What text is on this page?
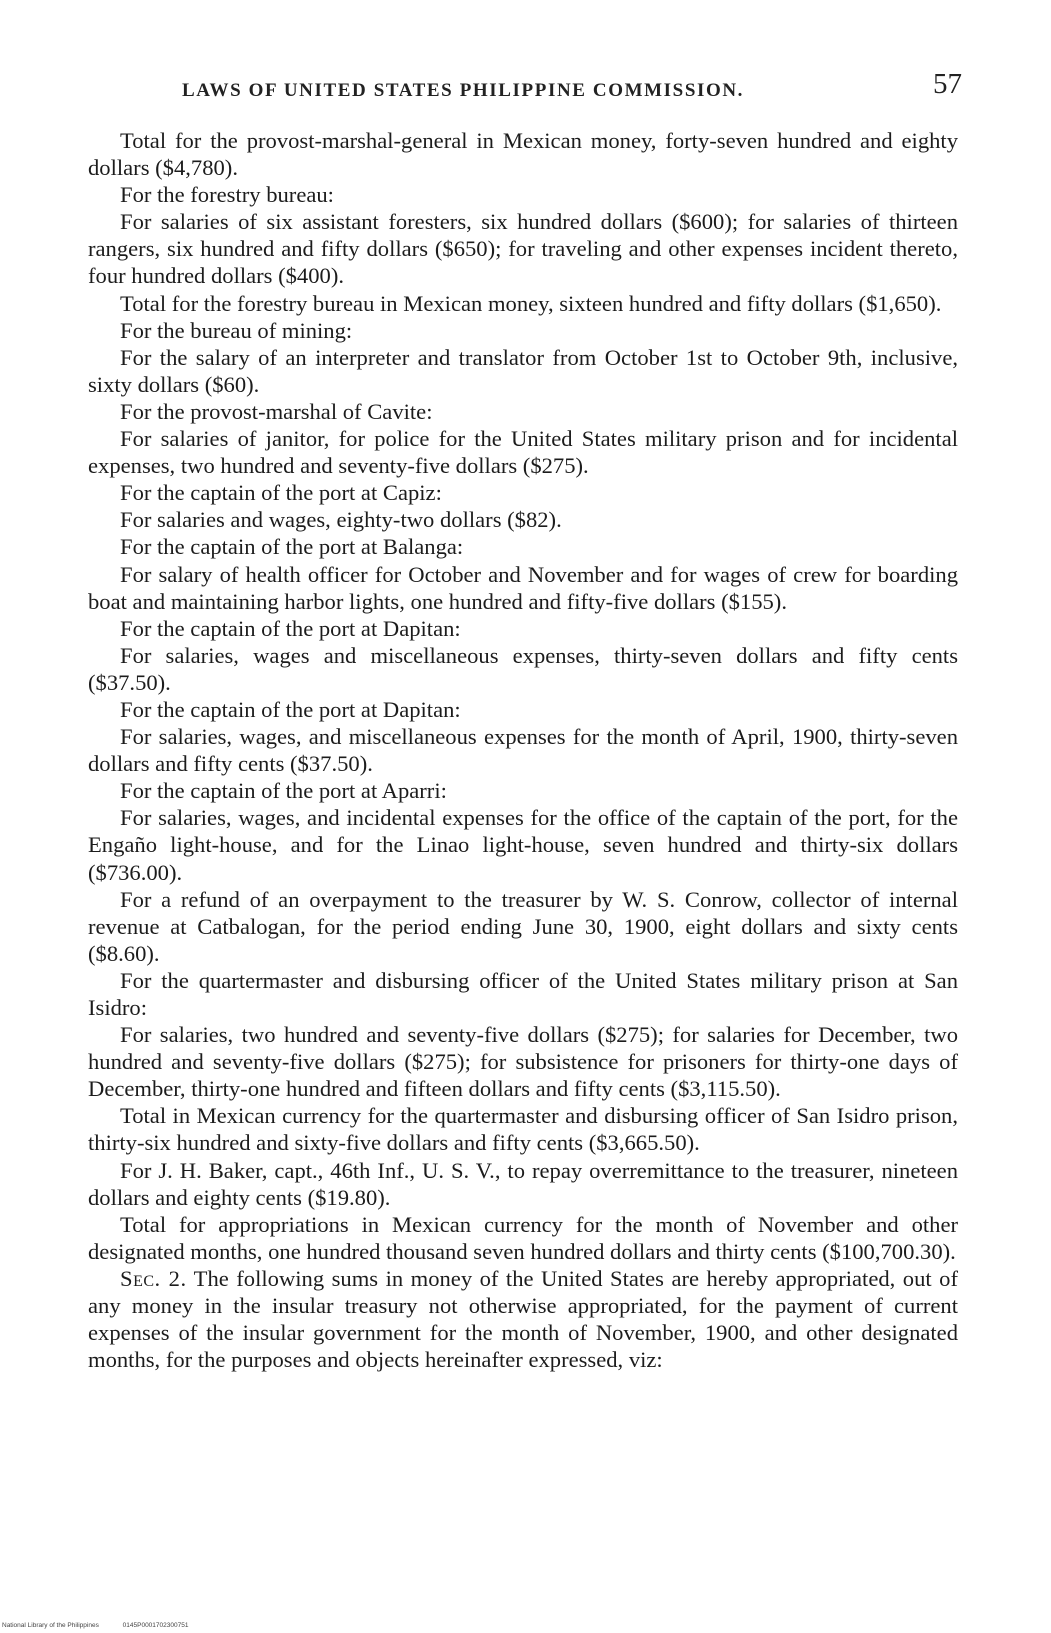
LAWS OF UNITED STATES PHILIPPINE COMMISSION.	57

Total for the provost-marshal-general in Mexican money, forty-seven hundred and eighty dollars ($4,780).

For the forestry bureau:

For salaries of six assistant foresters, six hundred dollars ($600); for salaries of thirteen rangers, six hundred and fifty dollars ($650); for traveling and other expenses incident thereto, four hundred dollars ($400).

Total for the forestry bureau in Mexican money, sixteen hundred and fifty dollars ($1,650).

For the bureau of mining:

For the salary of an interpreter and translator from October 1st to October 9th, inclusive, sixty dollars ($60).

For the provost-marshal of Cavite:

For salaries of janitor, for police for the United States military prison and for incidental expenses, two hundred and seventy-five dollars ($275).

For the captain of the port at Capiz:

For salaries and wages, eighty-two dollars ($82).

For the captain of the port at Balanga:

For salary of health officer for October and November and for wages of crew for boarding boat and maintaining harbor lights, one hundred and fifty-five dollars ($155).

For the captain of the port at Dapitan:

For salaries, wages and miscellaneous expenses, thirty-seven dollars and fifty cents ($37.50).

For the captain of the port at Dapitan:

For salaries, wages, and miscellaneous expenses for the month of April, 1900, thirty-seven dollars and fifty cents ($37.50).

For the captain of the port at Aparri:

For salaries, wages, and incidental expenses for the office of the captain of the port, for the Engaño light-house, and for the Linao light-house, seven hundred and thirty-six dollars ($736.00).

For a refund of an overpayment to the treasurer by W. S. Conrow, collector of internal revenue at Catbalogan, for the period ending June 30, 1900, eight dollars and sixty cents ($8.60).

For the quartermaster and disbursing officer of the United States military prison at San Isidro:

For salaries, two hundred and seventy-five dollars ($275); for salaries for December, two hundred and seventy-five dollars ($275); for subsistence for prisoners for thirty-one days of December, thirty-one hundred and fifteen dollars and fifty cents ($3,115.50).

Total in Mexican currency for the quartermaster and disbursing officer of San Isidro prison, thirty-six hundred and sixty-five dollars and fifty cents ($3,665.50).

For J. H. Baker, capt., 46th Inf., U. S. V., to repay overremittance to the treasurer, nineteen dollars and eighty cents ($19.80).

Total for appropriations in Mexican currency for the month of November and other designated months, one hundred thousand seven hundred dollars and thirty cents ($100,700.30).

Sec. 2. The following sums in money of the United States are hereby appropriated, out of any money in the insular treasury not otherwise appropriated, for the payment of current expenses of the insular government for the month of November, 1900, and other designated months, for the purposes and objects hereinafter expressed, viz:

National Library of the Philippines	0145P0001702300751
